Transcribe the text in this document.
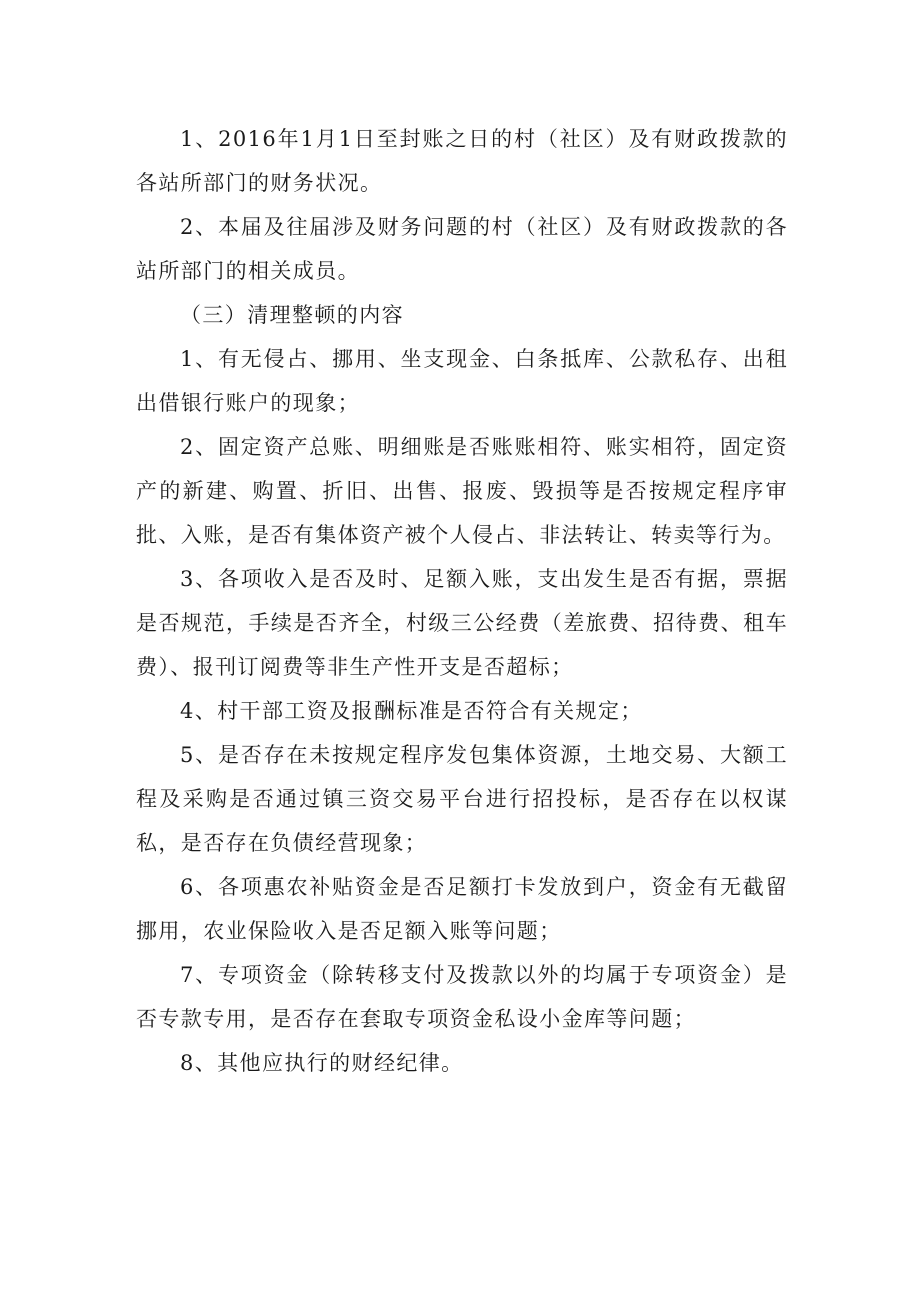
1、2016年1月1日至封账之日的村（社区）及有财政拨款的各站所部门的财务状况。

2、本届及往届涉及财务问题的村（社区）及有财政拨款的各站所部门的相关成员。

（三）清理整顿的内容

1、有无侵占、挪用、坐支现金、白条抵库、公款私存、出租出借银行账户的现象；

2、固定资产总账、明细账是否账账相符、账实相符，固定资产的新建、购置、折旧、出售、报废、毁损等是否按规定程序审批、入账，是否有集体资产被个人侵占、非法转让、转卖等行为。

3、各项收入是否及时、足额入账，支出发生是否有据，票据是否规范，手续是否齐全，村级三公经费（差旅费、招待费、租车费）、报刊订阅费等非生产性开支是否超标；

4、村干部工资及报酬标准是否符合有关规定；

5、是否存在未按规定程序发包集体资源，土地交易、大额工程及采购是否通过镇三资交易平台进行招投标，是否存在以权谋私，是否存在负债经营现象；

6、各项惠农补贴资金是否足额打卡发放到户，资金有无截留挪用，农业保险收入是否足额入账等问题；

7、专项资金（除转移支付及拨款以外的均属于专项资金）是否专款专用，是否存在套取专项资金私设小金库等问题；

8、其他应执行的财经纪律。
